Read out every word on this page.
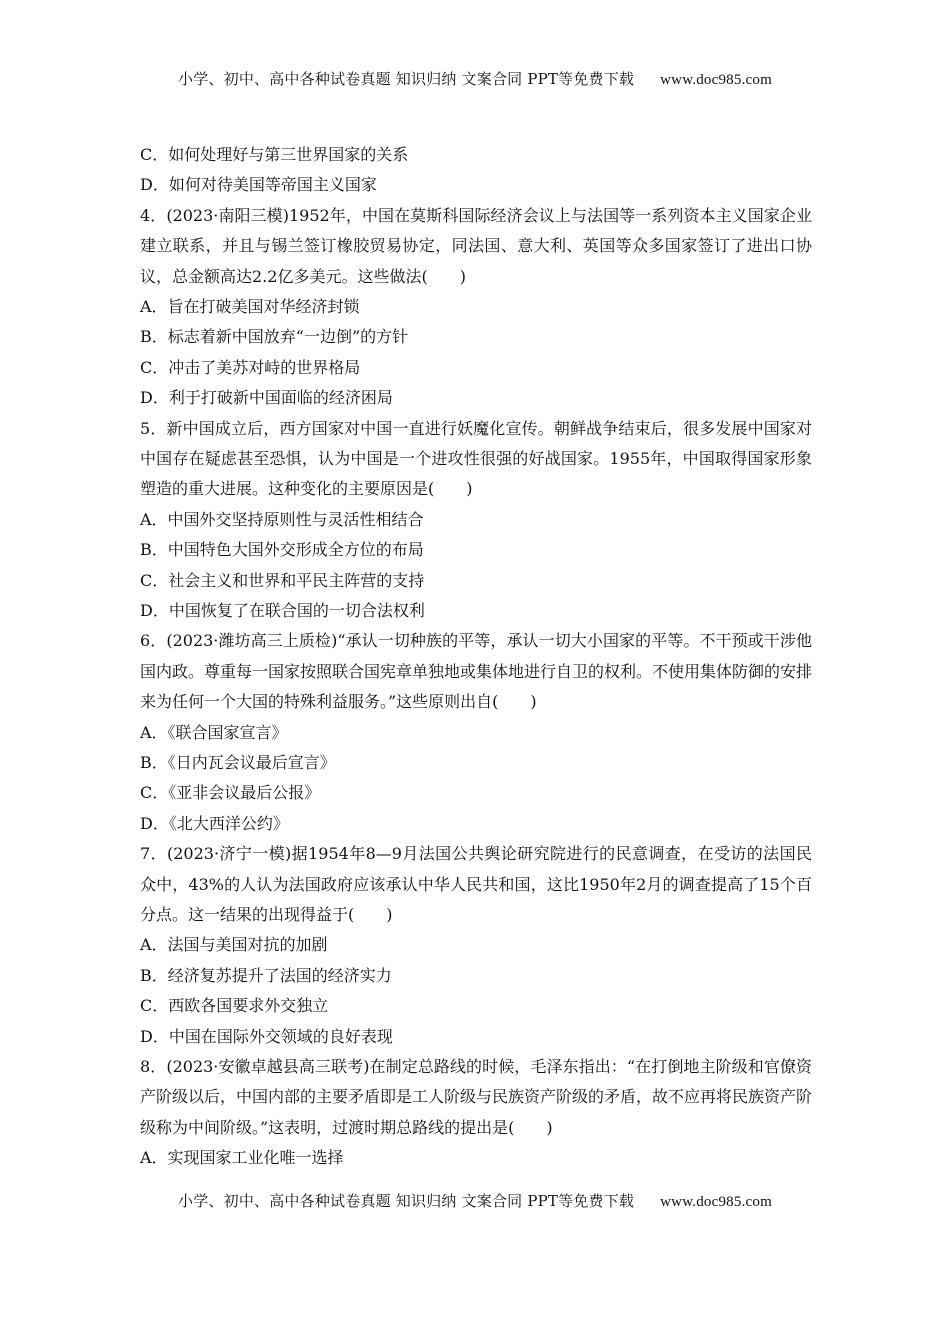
小学、初中、高中各种试卷真题 知识归纳 文案合同 PPT等免费下载 www.doc985.com
C．如何处理好与第三世界国家的关系
D．如何对待美国等帝国主义国家
4．(2023·南阳三模)1952年，中国在莫斯科国际经济会议上与法国等一系列资本主义国家企业建立联系，并且与锡兰签订橡胶贸易协定，同法国、意大利、英国等众多国家签订了进出口协议，总金额高达2.2亿多美元。这些做法(　　)
A．旨在打破美国对华经济封锁
B．标志着新中国放弃“一边倒”的方针
C．冲击了美苏对峙的世界格局
D．利于打破新中国面临的经济困局
5．新中国成立后，西方国家对中国一直进行妖魔化宣传。朝鲜战争结束后，很多发展中国家对中国存在疑虑甚至恐惧，认为中国是一个进攻性很强的好战国家。1955年，中国取得国家形象塑造的重大进展。这种变化的主要原因是(　　)
A．中国外交坚持原则性与灵活性相结合
B．中国特色大国外交形成全方位的布局
C．社会主义和世界和平民主阵营的支持
D．中国恢复了在联合国的一切合法权利
6．(2023·潍坊高三上质检)“承认一切种族的平等，承认一切大小国家的平等。不干预或干涉他国内政。尊重每一国家按照联合国宪章单独地或集体地进行自卫的权利。不使用集体防御的安排来为任何一个大国的特殊利益服务。”这些原则出自(　　)
A．《联合国家宣言》
B．《日内瓦会议最后宣言》
C．《亚非会议最后公报》
D．《北大西洋公约》
7．(2023·济宁一模)据1954年8—9月法国公共舆论研究院进行的民意调查，在受访的法国民众中，43%的人认为法国政府应该承认中华人民共和国，这比1950年2月的调查提高了15个百分点。这一结果的出现得益于(　　)
A．法国与美国对抗的加剧
B．经济复苏提升了法国的经济实力
C．西欧各国要求外交独立
D．中国在国际外交领域的良好表现
8．(2023·安徽卓越县高三联考)在制定总路线的时候，毛泽东指出：“在打倒地主阶级和官僚资产阶级以后，中国内部的主要矛盾即是工人阶级与民族资产阶级的矛盾，故不应再将民族资产阶级称为中间阶级。”这表明，过渡时期总路线的提出是(　　)
A．实现国家工业化唯一选择
小学、初中、高中各种试卷真题 知识归纳 文案合同 PPT等免费下载 www.doc985.com
